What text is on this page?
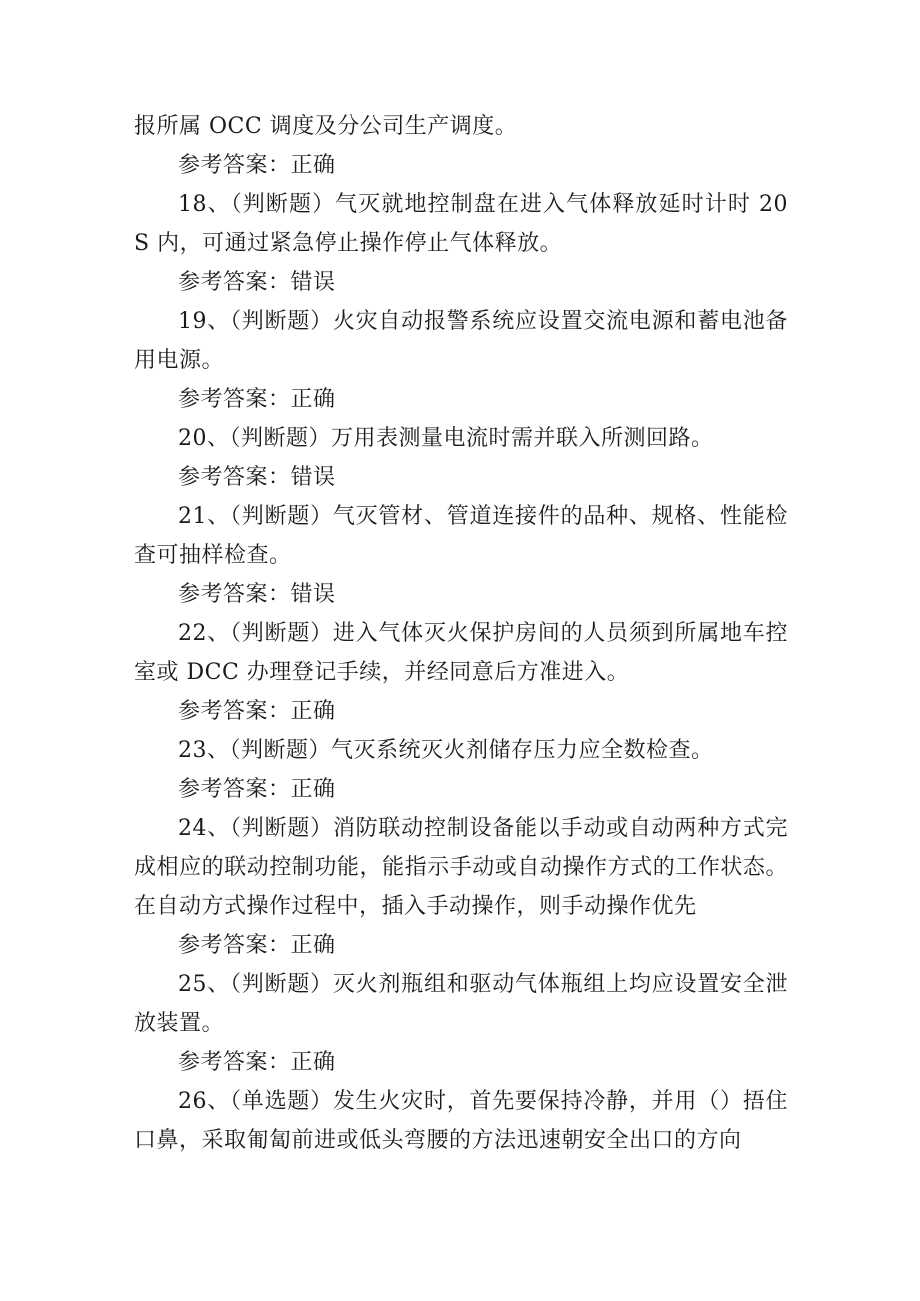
报所属 OCC 调度及分公司生产调度。

参考答案：正确

18、（判断题）气灭就地控制盘在进入气体释放延时计时 20S 内，可通过紧急停止操作停止气体释放。

参考答案：错误

19、（判断题）火灾自动报警系统应设置交流电源和蓄电池备用电源。

参考答案：正确

20、（判断题）万用表测量电流时需并联入所测回路。

参考答案：错误

21、（判断题）气灭管材、管道连接件的品种、规格、性能检查可抽样检查。

参考答案：错误

22、（判断题）进入气体灭火保护房间的人员须到所属地车控室或 DCC 办理登记手续，并经同意后方准进入。

参考答案：正确

23、（判断题）气灭系统灭火剂储存压力应全数检查。

参考答案：正确

24、（判断题）消防联动控制设备能以手动或自动两种方式完成相应的联动控制功能，能指示手动或自动操作方式的工作状态。在自动方式操作过程中，插入手动操作，则手动操作优先

参考答案：正确

25、（判断题）灭火剂瓶组和驱动气体瓶组上均应设置安全泄放装置。

参考答案：正确

26、（单选题）发生火灾时，首先要保持冷静，并用（）捂住口鼻，采取匍匐前进或低头弯腰的方法迅速朝安全出口的方向
